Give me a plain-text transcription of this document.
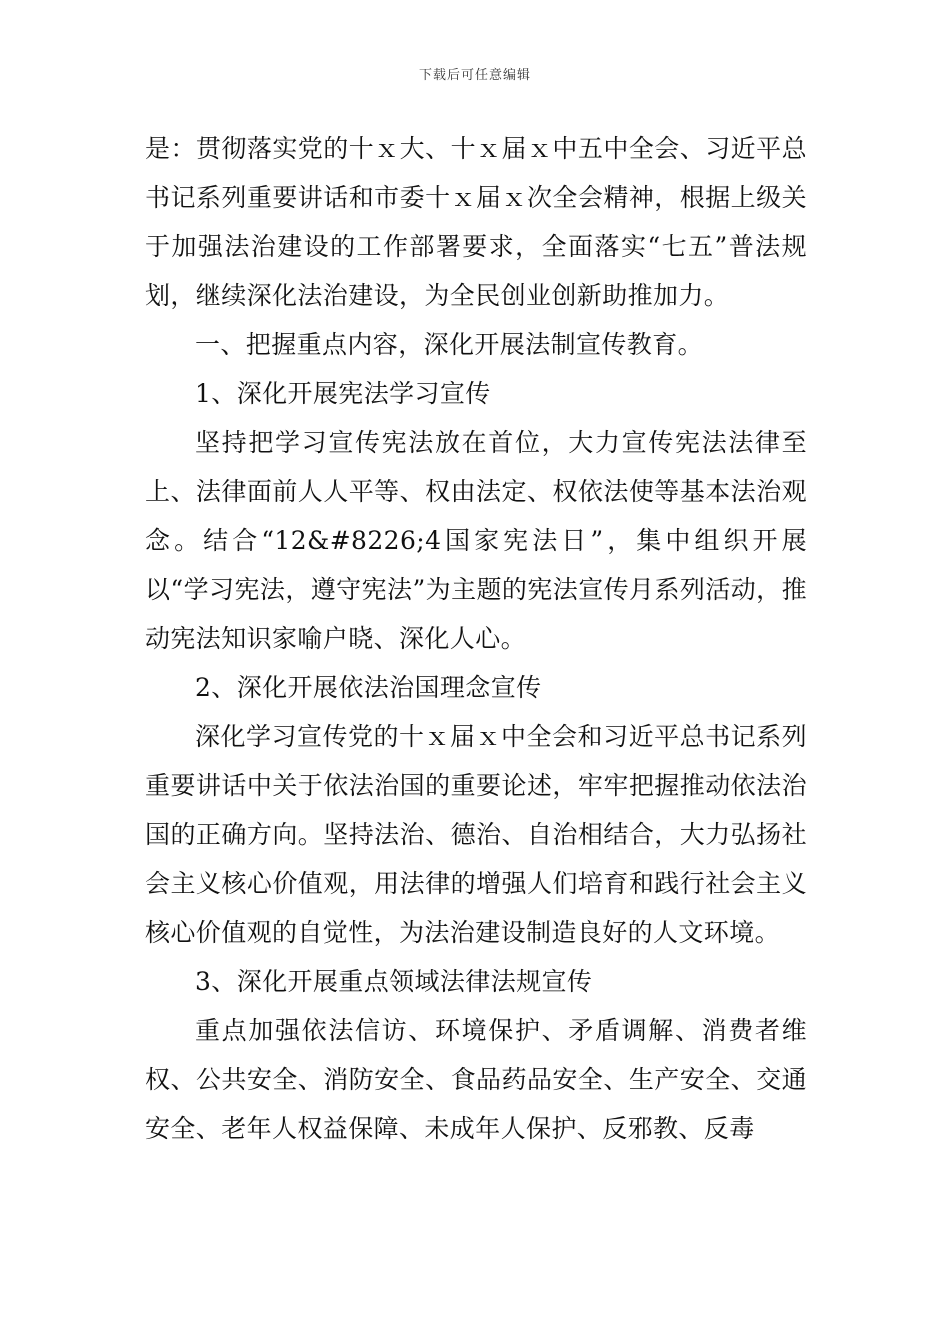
下载后可任意编辑

是：贯彻落实党的十ｘ大、十ｘ届ｘ中五中全会、习近平总书记系列重要讲话和市委十ｘ届ｘ次全会精神，根据上级关于加强法治建设的工作部署要求，全面落实“七五”普法规划，继续深化法治建设，为全民创业创新助推加力。

一、把握重点内容，深化开展法制宣传教育。

1、深化开展宪法学习宣传

坚持把学习宣传宪法放在首位，大力宣传宪法法律至上、法律面前人人平等、权由法定、权依法使等基本法治观念。结合“12&#8226;4国家宪法日”，集中组织开展以“学习宪法，遵守宪法”为主题的宪法宣传月系列活动，推动宪法知识家喻户晓、深化人心。

2、深化开展依法治国理念宣传

深化学习宣传党的十ｘ届ｘ中全会和习近平总书记系列重要讲话中关于依法治国的重要论述，牢牢把握推动依法治国的正确方向。坚持法治、德治、自治相结合，大力弘扬社会主义核心价值观，用法律的增强人们培育和践行社会主义核心价值观的自觉性，为法治建设制造良好的人文环境。

3、深化开展重点领域法律法规宣传

重点加强依法信访、环境保护、矛盾调解、消费者维权、公共安全、消防安全、食品药品安全、生产安全、交通安全、老年人权益保障、未成年人保护、反邪教、反毒
